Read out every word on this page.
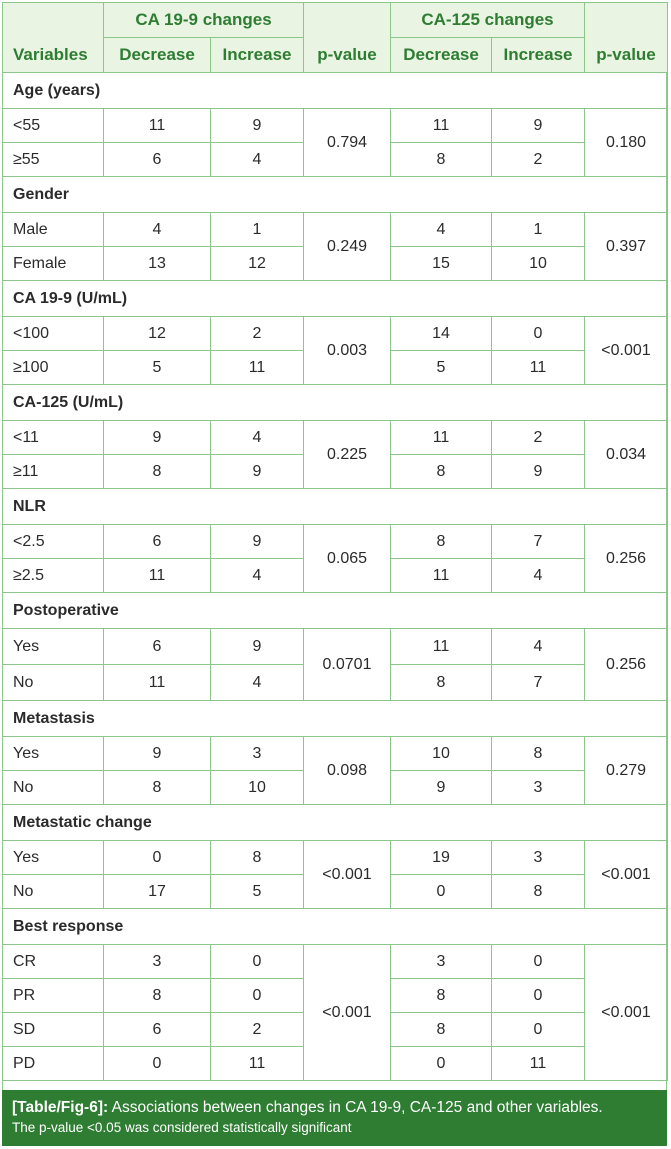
Variables	CA 19-9 changes		p-value	CA-125 changes		p-value
	Decrease	Increase		Decrease	Increase	
Age (years)						
<55	11	9	0.794	11	9	0.180
≥55	6	4		8	2	
Gender						
Male	4	1	0.249	4	1	0.397
Female	13	12		15	10	
CA 19-9 (U/mL)						
<100	12	2	0.003	14	0	<0.001
≥100	5	11		5	11	
CA-125 (U/mL)						
<11	9	4	0.225	11	2	0.034
≥11	8	9		8	9	
NLR						
<2.5	6	9	0.065	8	7	0.256
≥2.5	11	4		11	4	
Postoperative						
Yes	6	9	0.0701	11	4	0.256
No	11	4		8	7	
Metastasis						
Yes	9	3	0.098	10	8	0.279
No	8	10		9	3	
Metastatic change						
Yes	0	8	<0.001	19	3	<0.001
No	17	5		0	8	
Best response						
CR	3	0	<0.001	3	0	<0.001
PR	8	0		8	0	
SD	6	2		8	0	
PD	0	11		0	11	
[Table/Fig-6]: Associations between changes in CA 19-9, CA-125 and other variables.
The p-value <0.05 was considered statistically significant
